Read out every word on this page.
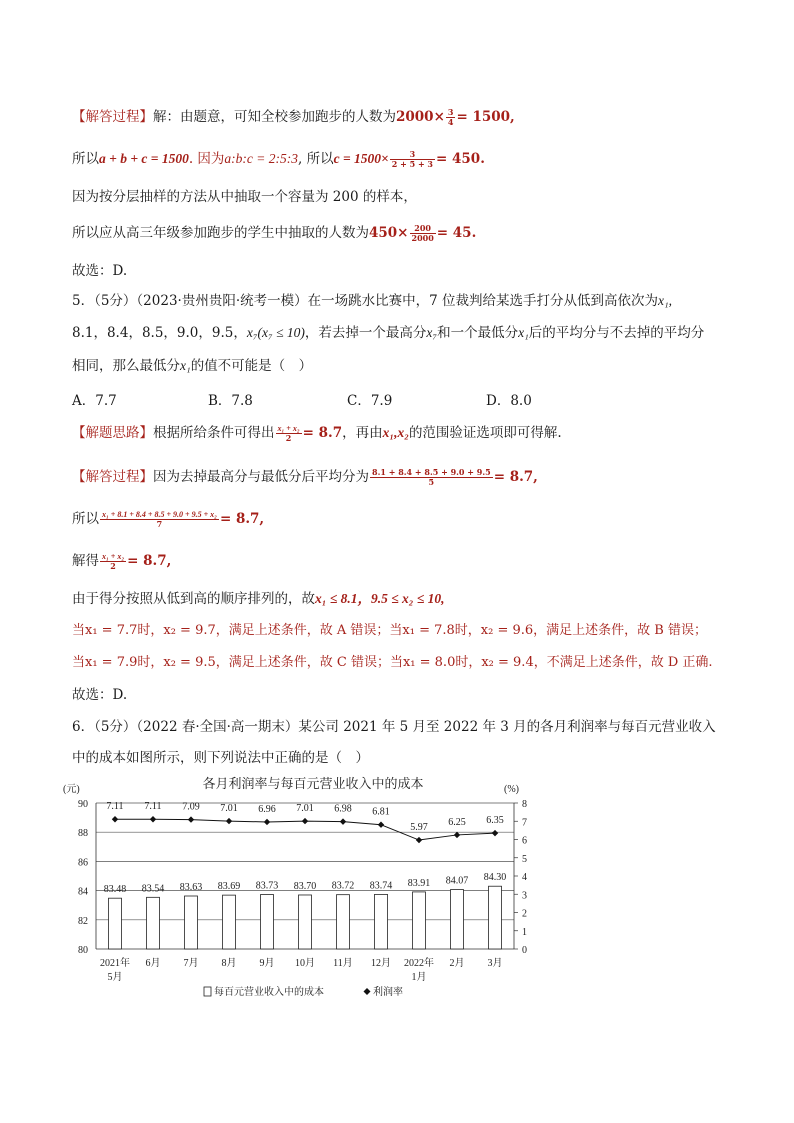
【解答过程】解：由题意，可知全校参加跑步的人数为$2000\times \frac{3}{4} = 1500$,
所以a + b + c = 1500. 因为a:b:c = 2:5:3, 所以$c = 1500\times \frac{3}{2 + 5 + 3} = 450$.
因为按分层抽样的方法从中抽取一个容量为 200 的样本，
所以应从高三年级参加跑步的学生中抽取的人数为$450\times \frac{200}{2000} = 45$.
故选：D.
5．（5分）（2023·贵州贵阳·统考一模）在一场跳水比赛中，7 位裁判给某选手打分从低到高依次为x₁,
8.1，8.4，8.5，9.0，9.5，x₇(x₇ ≤ 10)，若去掉一个最高分x₇和一个最低分x₁后的平均分与不去掉的平均分
相同，那么最低分x₁的值不可能是（　）
A．7.7	B．7.8	C．7.9	D．8.0
【解题思路】根据所给条件可得出 $\frac{\text{x₁ + x₂}}{2} = 8.7$，再由x₁,x₂的范围验证选项即可得解.
【解答过程】因为去掉最高分与最低分后平均分为 $\frac{8.1 + 8.4 + 8.5 + 9.0 + 9.5}{5} = 8.7$,
所以 $\frac{\text{x₁ + 8.1 + 8.4 + 8.5 + 9.0 + 9.5 + x₂}}{7} = 8.7$,
解得 $\frac{\text{x₁ + x₂}}{2} = 8.7$,
由于得分按照从低到高的顺序排列的，故x₁ ≤ 8.1，9.5 ≤ x₂ ≤ 10,
当x₁ = 7.7时，x₂ = 9.7，满足上述条件，故 A 错误；当x₁ = 7.8时，x₂ = 9.6，满足上述条件，故 B 错误；
当x₁ = 7.9时，x₂ = 9.5，满足上述条件，故 C 错误；当x₁ = 8.0时，x₂ = 9.4，不满足上述条件，故 D 正确.
故选：D.
6．（5分）（2022 春·全国·高一期末）某公司 2021 年 5 月至 2022 年 3 月的各月利润率与每百元营业收入
中的成本如图所示，则下列说法中正确的是（　）
各月利润率与每百元营业收入中的成本
(元)	(%)
80
82
84
86
88
90
0
1
2
3
4
5
6
7
8
83.48 83.54 83.63 83.69 83.73 83.70 83.72 83.74 83.91 84.07 84.30
7.11 7.11 7.09 7.01 6.96 7.01 6.98 6.81
5.97 6.25 6.35
2021年
5月
6月 7月 8月 9月 10月 11月 12月 2022年
1月
2月 3月
每百元营业收入中的成本	利润率
